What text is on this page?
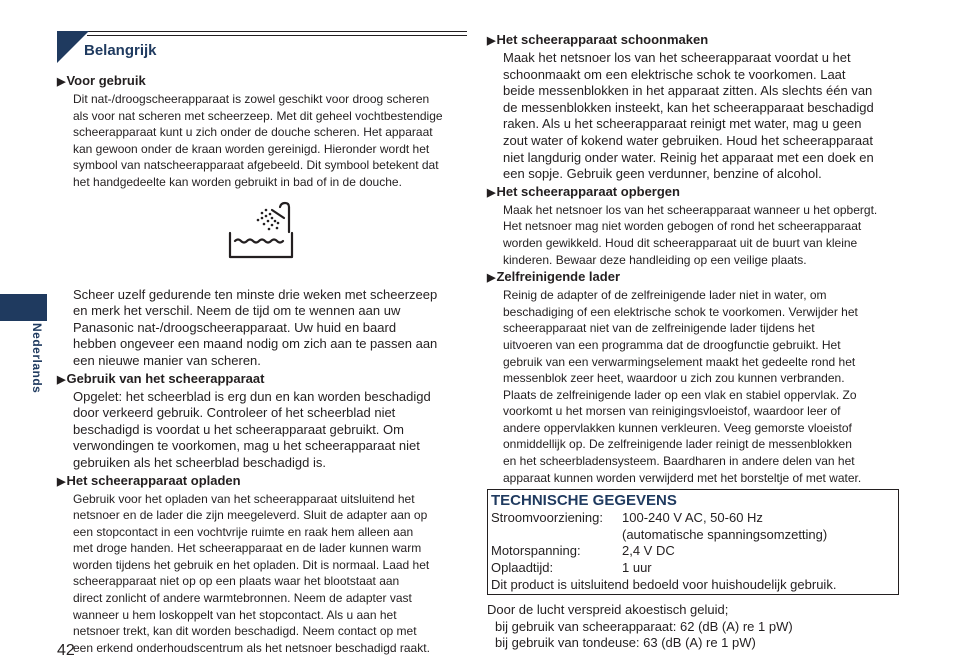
Nederlands
Belangrijk
▶Voor gebruik
Dit nat-/droogscheerapparaat is zowel geschikt voor droog scheren
als voor nat scheren met scheerzeep. Met dit geheel vochtbestendige
scheerapparaat kunt u zich onder de douche scheren. Het apparaat
kan gewoon onder de kraan worden gereinigd. Hieronder wordt het
symbool van natscheerapparaat afgebeeld. Dit symbool betekent dat
het handgedeelte kan worden gebruikt in bad of in de douche.
Scheer uzelf gedurende ten minste drie weken met scheerzeep
en merk het verschil. Neem de tijd om te wennen aan uw
Panasonic nat-/droogscheerapparaat. Uw huid en baard
hebben ongeveer een maand nodig om zich aan te passen aan
een nieuwe manier van scheren.
▶Gebruik van het scheerapparaat
Opgelet: het scheerblad is erg dun en kan worden beschadigd
door verkeerd gebruik. Controleer of het scheerblad niet
beschadigd is voordat u het scheerapparaat gebruikt. Om
verwondingen te voorkomen, mag u het scheerapparaat niet
gebruiken als het scheerblad beschadigd is.
▶Het scheerapparaat opladen
Gebruik voor het opladen van het scheerapparaat uitsluitend het
netsnoer en de lader die zijn meegeleverd. Sluit de adapter aan op
een stopcontact in een vochtvrije ruimte en raak hem alleen aan
met droge handen. Het scheerapparaat en de lader kunnen warm
worden tijdens het gebruik en het opladen. Dit is normaal. Laad het
scheerapparaat niet op op een plaats waar het blootstaat aan
direct zonlicht of andere warmtebronnen. Neem de adapter vast
wanneer u hem loskoppelt van het stopcontact. Als u aan het
netsnoer trekt, kan dit worden beschadigd. Neem contact op met
een erkend onderhoudscentrum als het netsnoer beschadigd raakt.
▶Het scheerapparaat schoonmaken
Maak het netsnoer los van het scheerapparaat voordat u het
schoonmaakt om een elektrische schok te voorkomen. Laat
beide messenblokken in het apparaat zitten. Als slechts één van
de messenblokken insteekt, kan het scheerapparaat beschadigd
raken. Als u het scheerapparaat reinigt met water, mag u geen
zout water of kokend water gebruiken. Houd het scheerapparaat
niet langdurig onder water. Reinig het apparaat met een doek en
een sopje. Gebruik geen verdunner, benzine of alcohol.
▶Het scheerapparaat opbergen
Maak het netsnoer los van het scheerapparaat wanneer u het opbergt.
Het netsnoer mag niet worden gebogen of rond het scheerapparaat
worden gewikkeld. Houd dit scheerapparaat uit de buurt van kleine
kinderen. Bewaar deze handleiding op een veilige plaats.
▶Zelfreinigende lader
Reinig de adapter of de zelfreinigende lader niet in water, om
beschadiging of een elektrische schok te voorkomen. Verwijder het
scheerapparaat niet van de zelfreinigende lader tijdens het
uitvoeren van een programma dat de droogfunctie gebruikt. Het
gebruik van een verwarmingselement maakt het gedeelte rond het
messenblok zeer heet, waardoor u zich zou kunnen verbranden.
Plaats de zelfreinigende lader op een vlak en stabiel oppervlak. Zo
voorkomt u het morsen van reinigingsvloeistof, waardoor leer of
andere oppervlakken kunnen verkleuren. Veeg gemorste vloeistof
onmiddellijk op. De zelfreinigende lader reinigt de messenblokken
en het scheerbladensysteem. Baardharen in andere delen van het
apparaat kunnen worden verwijderd met het borsteltje of met water.
TECHNISCHE GEGEVENS
Stroomvoorziening:	100-240 V AC, 50-60 Hz
(automatische spanningsomzetting)
Motorspanning:	2,4 V DC
Oplaadtijd:	1 uur
Dit product is uitsluitend bedoeld voor huishoudelijk gebruik.
Door de lucht verspreid akoestisch geluid;
bij gebruik van scheerapparaat: 62 (dB (A) re 1 pW)
bij gebruik van tondeuse: 63 (dB (A) re 1 pW)
42
